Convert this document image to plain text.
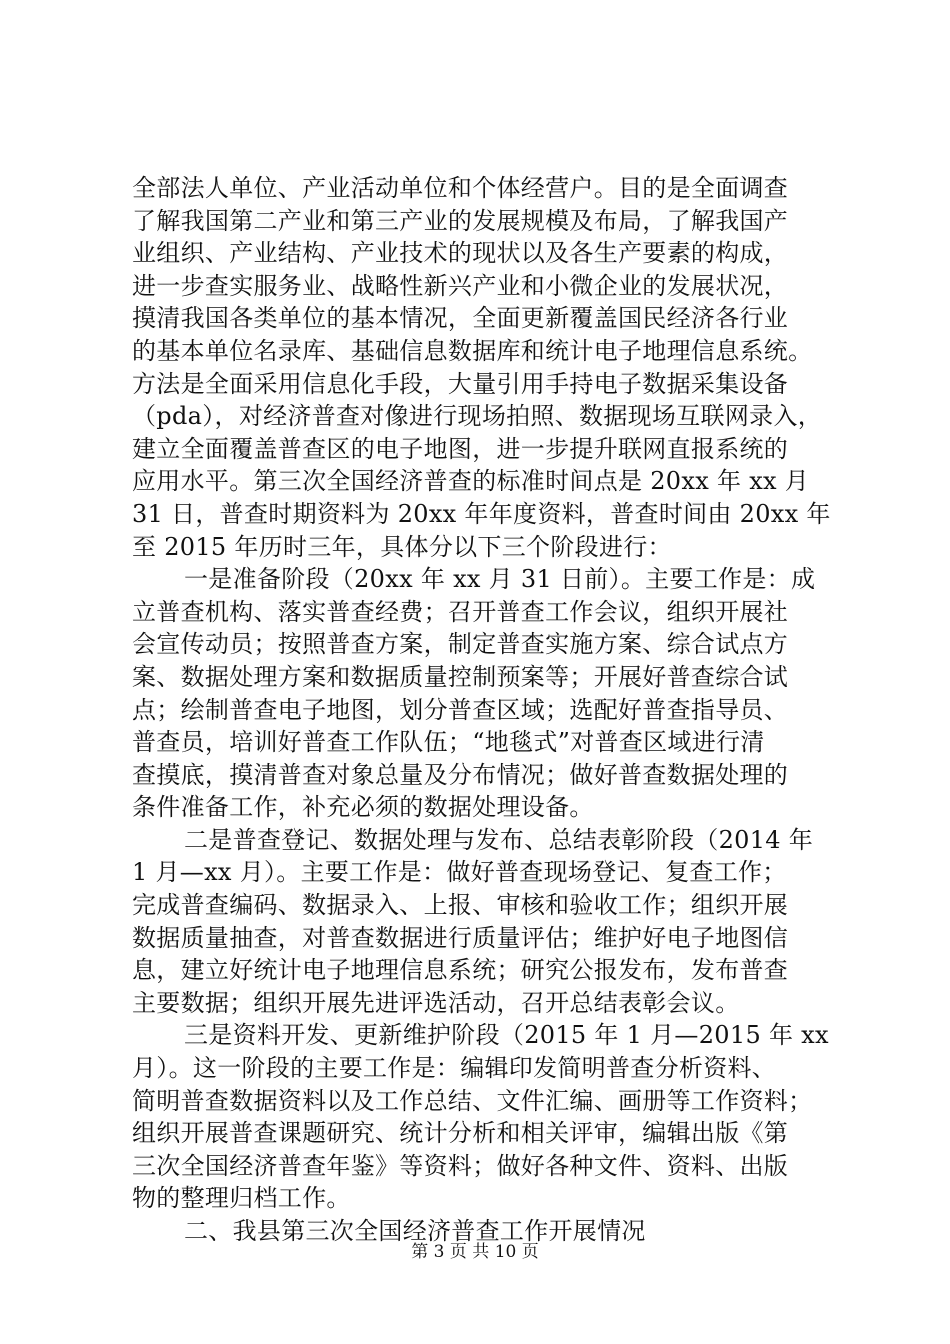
全部法人单位、产业活动单位和个体经营户。目的是全面调查
了解我国第二产业和第三产业的发展规模及布局，了解我国产
业组织、产业结构、产业技术的现状以及各生产要素的构成，
进一步查实服务业、战略性新兴产业和小微企业的发展状况，
摸清我国各类单位的基本情况，全面更新覆盖国民经济各行业
的基本单位名录库、基础信息数据库和统计电子地理信息系统。
方法是全面采用信息化手段，大量引用手持电子数据采集设备
（pda），对经济普查对像进行现场拍照、数据现场互联网录入，
建立全面覆盖普查区的电子地图，进一步提升联网直报系统的
应用水平。第三次全国经济普查的标准时间点是 20xx 年 xx 月
31 日，普查时期资料为 20xx 年年度资料，普查时间由 20xx 年
至 2015 年历时三年，具体分以下三个阶段进行：
一是准备阶段（20xx 年 xx 月 31 日前）。主要工作是：成
立普查机构、落实普查经费；召开普查工作会议，组织开展社
会宣传动员；按照普查方案，制定普查实施方案、综合试点方
案、数据处理方案和数据质量控制预案等；开展好普查综合试
点；绘制普查电子地图，划分普查区域；选配好普查指导员、
普查员，培训好普查工作队伍；“地毯式”对普查区域进行清
查摸底，摸清普查对象总量及分布情况；做好普查数据处理的
条件准备工作，补充必须的数据处理设备。
二是普查登记、数据处理与发布、总结表彰阶段（2014 年
1 月—xx 月）。主要工作是：做好普查现场登记、复查工作；
完成普查编码、数据录入、上报、审核和验收工作；组织开展
数据质量抽查，对普查数据进行质量评估；维护好电子地图信
息，建立好统计电子地理信息系统；研究公报发布，发布普查
主要数据；组织开展先进评选活动，召开总结表彰会议。
三是资料开发、更新维护阶段（2015 年 1 月—2015 年 xx
月）。这一阶段的主要工作是：编辑印发简明普查分析资料、
简明普查数据资料以及工作总结、文件汇编、画册等工作资料；
组织开展普查课题研究、统计分析和相关评审，编辑出版《第
三次全国经济普查年鉴》等资料；做好各种文件、资料、出版
物的整理归档工作。
二、我县第三次全国经济普查工作开展情况
第 3 页 共 10 页
